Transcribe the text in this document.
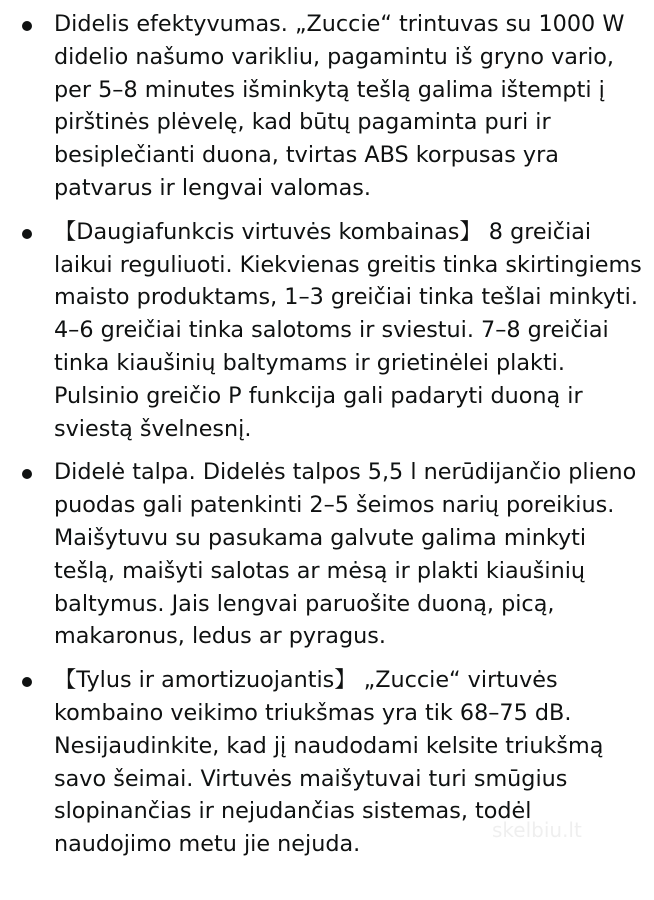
Didelis efektyvumas. „Zuccie“ trintuvas su 1000 W didelio našumo varikliu, pagamintu iš gryno vario, per 5–8 minutes išminkytą tešlą galima ištempti į pirštinės plėvelę, kad būtų pagaminta puri ir besiplečianti duona, tvirtas ABS korpusas yra patvarus ir lengvai valomas.
【Daugiafunkcis virtuvės kombainas】 8 greičiai laikui reguliuoti. Kiekvienas greitis tinka skirtingiems maisto produktams, 1–3 greičiai tinka tešlai minkyti. 4–6 greičiai tinka salotoms ir sviestui. 7–8 greičiai tinka kiaušinių baltymams ir grietinėlei plakti. Pulsinio greičio P funkcija gali padaryti duoną ir sviestą švelnesnį.
Didelė talpa. Didelės talpos 5,5 l nerūdijančio plieno puodas gali patenkinti 2–5 šeimos narių poreikius. Maišytuvu su pasukama galvute galima minkyti tešlą, maišyti salotas ar mėsą ir plakti kiaušinių baltymus. Jais lengvai paruošite duoną, picą, makaronus, ledus ar pyragus.
【Tylus ir amortizuojantis】 „Zuccie“ virtuvės kombaino veikimo triukšmas yra tik 68–75 dB. Nesijaudinkite, kad jį naudodami kelsite triukšmą savo šeimai. Virtuvės maišytuvai turi smūgius slopinančias ir nejudančias sistemas, todėl naudojimo metu jie nejuda.
skelbiu.lt
